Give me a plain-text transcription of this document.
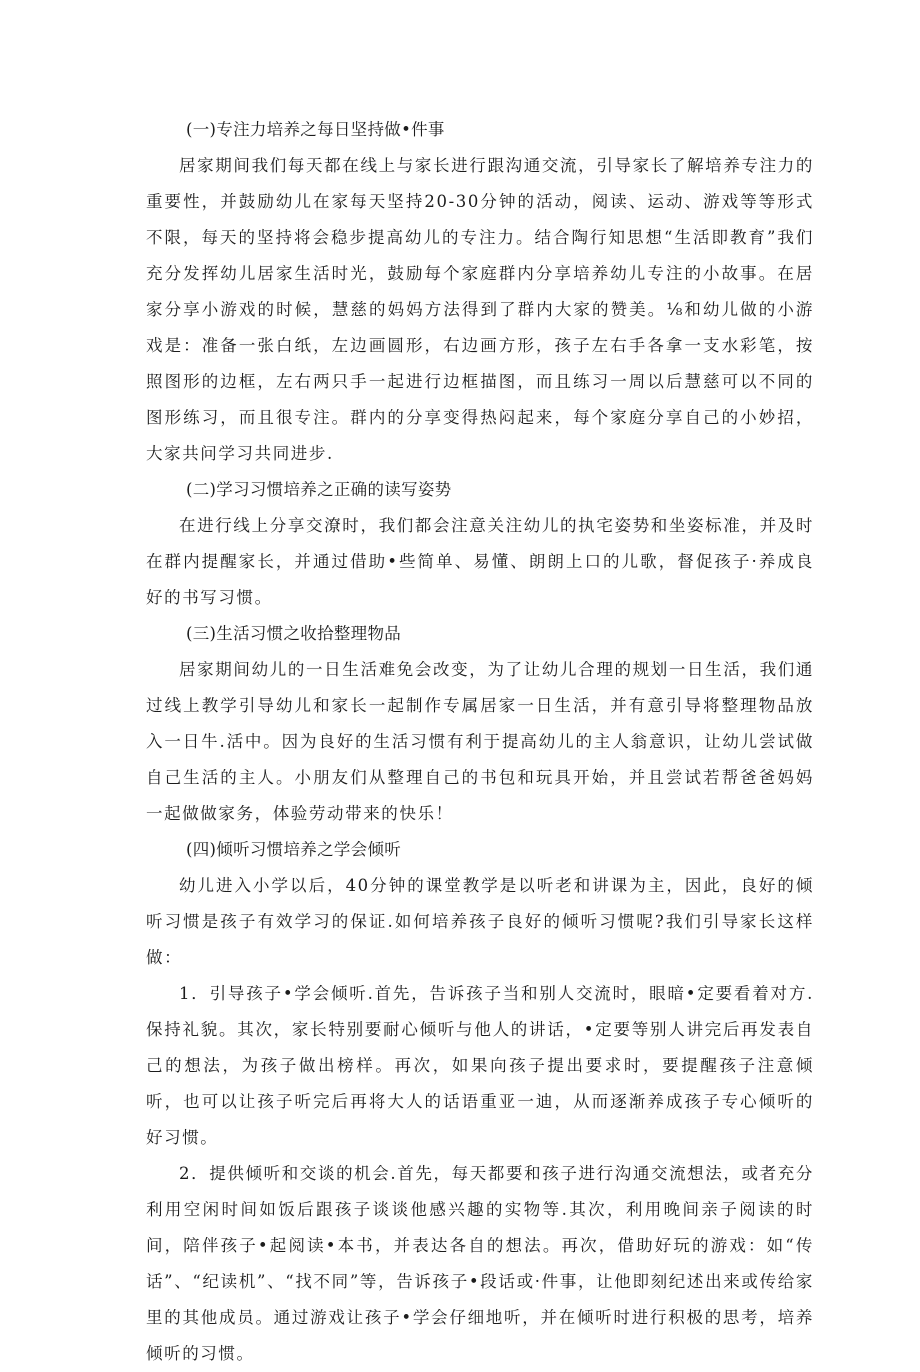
(一)专注力培养之每日坚持做•件事

居家期间我们每天都在线上与家长进行跟沟通交流，引导家长了解培养专注力的重要性，并鼓励幼儿在家每天坚持20-30分钟的活动，阅读、运动、游戏等等形式不限，每天的坚持将会稳步提高幼儿的专注力。结合陶行知思想“生活即教育”我们充分发挥幼儿居家生活时光，鼓励每个家庭群内分享培养幼儿专注的小故事。在居家分享小游戏的时候，慧慈的妈妈方法得到了群内大家的赞美。⅛和幼儿做的小游戏是：准备一张白纸，左边画圆形，右边画方形，孩子左右手各拿一支水彩笔，按照图形的边框，左右两只手一起进行边框描图，而且练习一周以后慧慈可以不同的图形练习，而且很专注。群内的分享变得热闷起来，每个家庭分享自己的小妙招，大家共问学习共同进步.

(二)学习习惯培养之正确的读写姿势

在进行线上分享交潦时，我们都会注意关注幼儿的执宅姿势和坐姿标准，并及时在群内提醒家长，并通过借助•些简单、易懂、朗朗上口的儿歌，督促孩子·养成良好的书写习惯。

(三)生活习惯之收拾整理物品

居家期间幼儿的一日生活难免会改变，为了让幼儿合理的规划一日生活，我们通过线上教学引导幼儿和家长一起制作专属居家一日生活，并有意引导将整理物品放入一日牛.活中。因为良好的生活习惯有利于提高幼儿的主人翁意识，让幼儿尝试做自己生活的主人。小朋友们从整理自己的书包和玩具开始，并且尝试若帮爸爸妈妈一起做做家务，体验劳动带来的快乐！

(四)倾听习惯培养之学会倾听

幼儿进入小学以后，40分钟的课堂教学是以听老和讲课为主，因此，良好的倾听习惯是孩子有效学习的保证.如何培养孩子良好的倾听习惯呢?我们引导家长这样做：

1．引导孩子•学会倾听.首先，告诉孩子当和别人交流时，眼暗•定要看着对方.保持礼貌。其次，家长特别要耐心倾听与他人的讲话，•定要等别人讲完后再发表自己的想法，为孩子做出榜样。再次，如果向孩子提出要求时，要提醒孩子注意倾听，也可以让孩子听完后再将大人的话语重亚一迪，从而逐渐养成孩子专心倾听的好习惯。

2．提供倾听和交谈的机会.首先，每天都要和孩子进行沟通交流想法，或者充分利用空闲时间如饭后跟孩子谈谈他感兴趣的实物等.其次，利用晚间亲子阅读的时间，陪伴孩子•起阅读•本书，并表达各自的想法。再次，借助好玩的游戏：如“传话”、“纪读机”、“找不同”等，告诉孩子•段话或·件事，让他即刻纪述出来或传给家里的其他成员。通过游戏让孩子•学会仔细地听，并在倾听时进行积极的思考，培养倾听的习惯。
